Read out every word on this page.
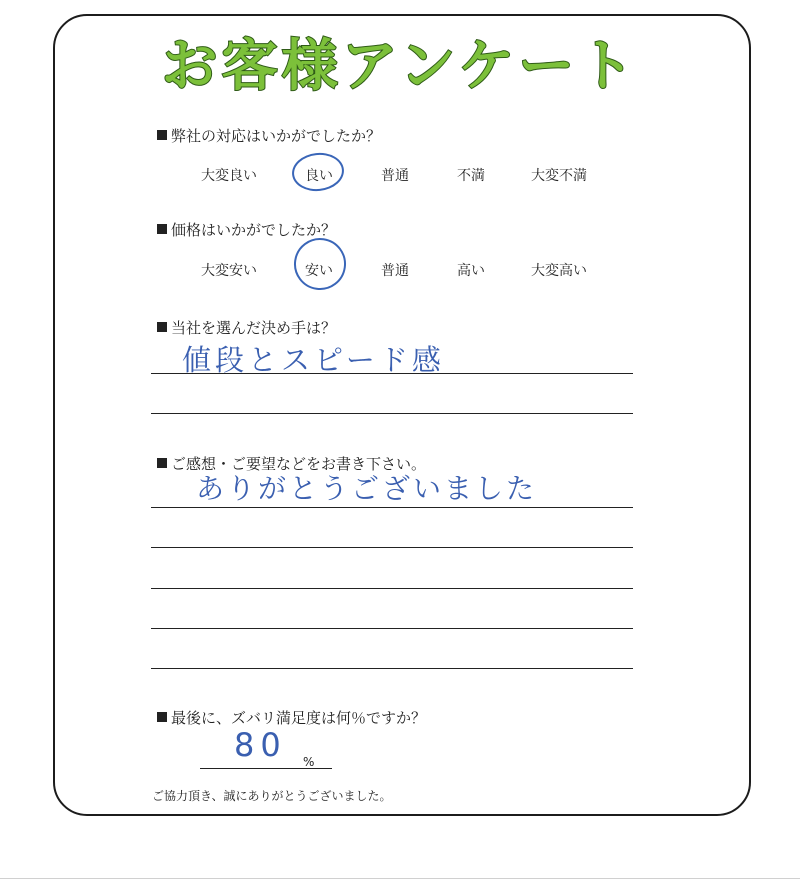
お客様アンケート
弊社の対応はいかがでしたか？
大変良い	良い	普通	不満	大変不満
価格はいかがでしたか？
大変安い	安い	普通	高い	大変高い
当社を選んだ決め手は？
値段とスピード感
ご感想・ご要望などをお書き下さい。
ありがとうございました
最後に、ズバリ満足度は何％ですか？
80 %
ご協力頂き、誠にありがとうございました。
